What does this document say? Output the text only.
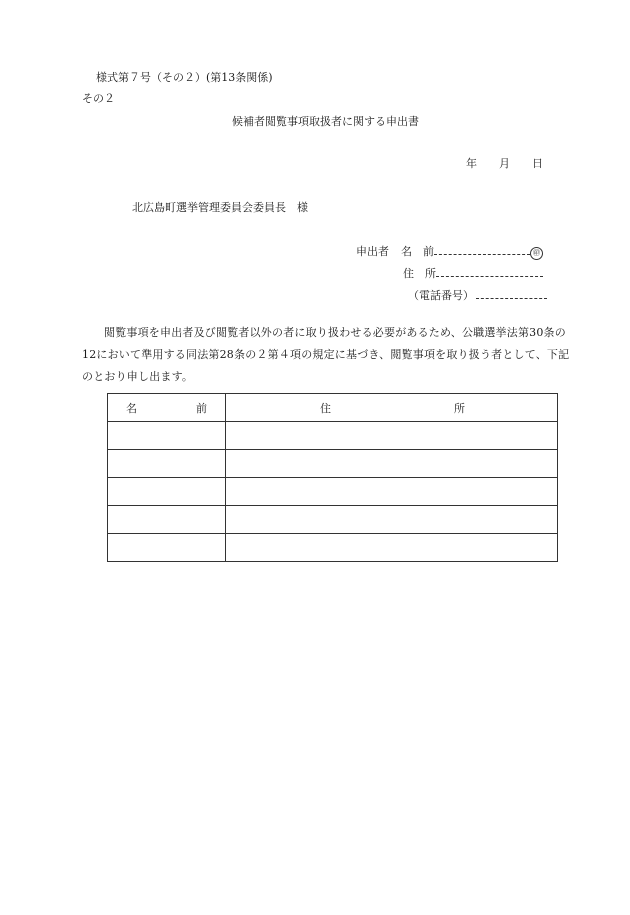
様式第７号（その２）(第13条関係)
その２
候補者閲覧事項取扱者に関する申出書
年 月 日
北広島町選挙管理委員会委員長　様
申出者 名 前	㊞
住 所
（電話番号）
閲覧事項を申出者及び閲覧者以外の者に取り扱わせる必要があるため、公職選挙法第30条の12において準用する同法第28条の２第４項の規定に基づき、閲覧事項を取り扱う者として、下記のとおり申し出ます。
名 前	住 所
